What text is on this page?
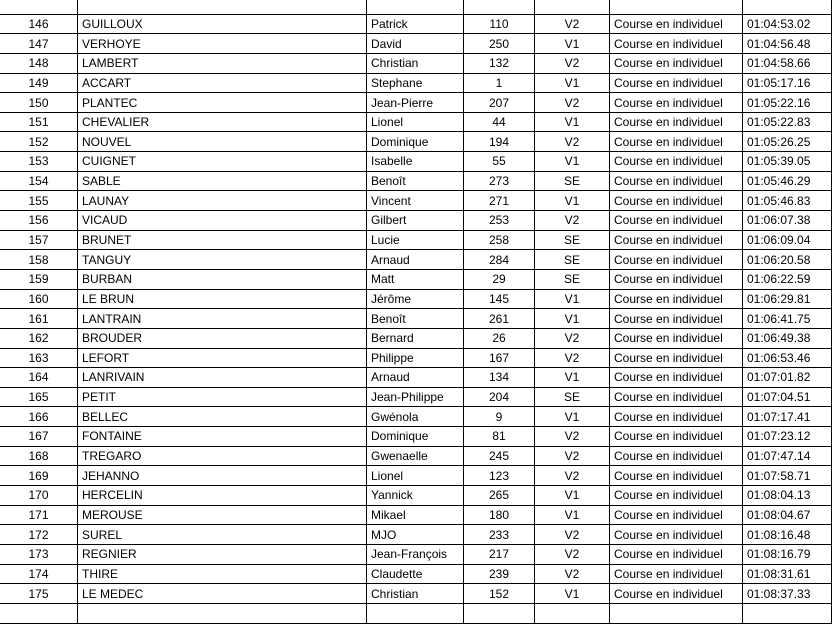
146	GUILLOUX	Patrick	110	V2	Course en individuel	01:04:53.02
147	VERHOYE	David	250	V1	Course en individuel	01:04:56.48
148	LAMBERT	Christian	132	V2	Course en individuel	01:04:58.66
149	ACCART	Stephane	1	V1	Course en individuel	01:05:17.16
150	PLANTEC	Jean-Pierre	207	V2	Course en individuel	01:05:22.16
151	CHEVALIER	Lionel	44	V1	Course en individuel	01:05:22.83
152	NOUVEL	Dominique	194	V2	Course en individuel	01:05:26.25
153	CUIGNET	Isabelle	55	V1	Course en individuel	01:05:39.05
154	SABLE	Benoît	273	SE	Course en individuel	01:05:46.29
155	LAUNAY	Vincent	271	V1	Course en individuel	01:05:46.83
156	VICAUD	Gilbert	253	V2	Course en individuel	01:06:07.38
157	BRUNET	Lucie	258	SE	Course en individuel	01:06:09.04
158	TANGUY	Arnaud	284	SE	Course en individuel	01:06:20.58
159	BURBAN	Matt	29	SE	Course en individuel	01:06:22.59
160	LE BRUN	Jérôme	145	V1	Course en individuel	01:06:29.81
161	LANTRAIN	Benoît	261	V1	Course en individuel	01:06:41.75
162	BROUDER	Bernard	26	V2	Course en individuel	01:06:49.38
163	LEFORT	Philippe	167	V2	Course en individuel	01:06:53.46
164	LANRIVAIN	Arnaud	134	V1	Course en individuel	01:07:01.82
165	PETIT	Jean-Philippe	204	SE	Course en individuel	01:07:04.51
166	BELLEC	Gwénola	9	V1	Course en individuel	01:07:17.41
167	FONTAINE	Dominique	81	V2	Course en individuel	01:07:23.12
168	TREGARO	Gwenaelle	245	V2	Course en individuel	01:07:47.14
169	JEHANNO	Lionel	123	V2	Course en individuel	01:07:58.71
170	HERCELIN	Yannick	265	V1	Course en individuel	01:08:04.13
171	MEROUSE	Mikael	180	V1	Course en individuel	01:08:04.67
172	SUREL	MJO	233	V2	Course en individuel	01:08:16.48
173	REGNIER	Jean-François	217	V2	Course en individuel	01:08:16.79
174	THIRE	Claudette	239	V2	Course en individuel	01:08:31.61
175	LE MEDEC	Christian	152	V1	Course en individuel	01:08:37.33
